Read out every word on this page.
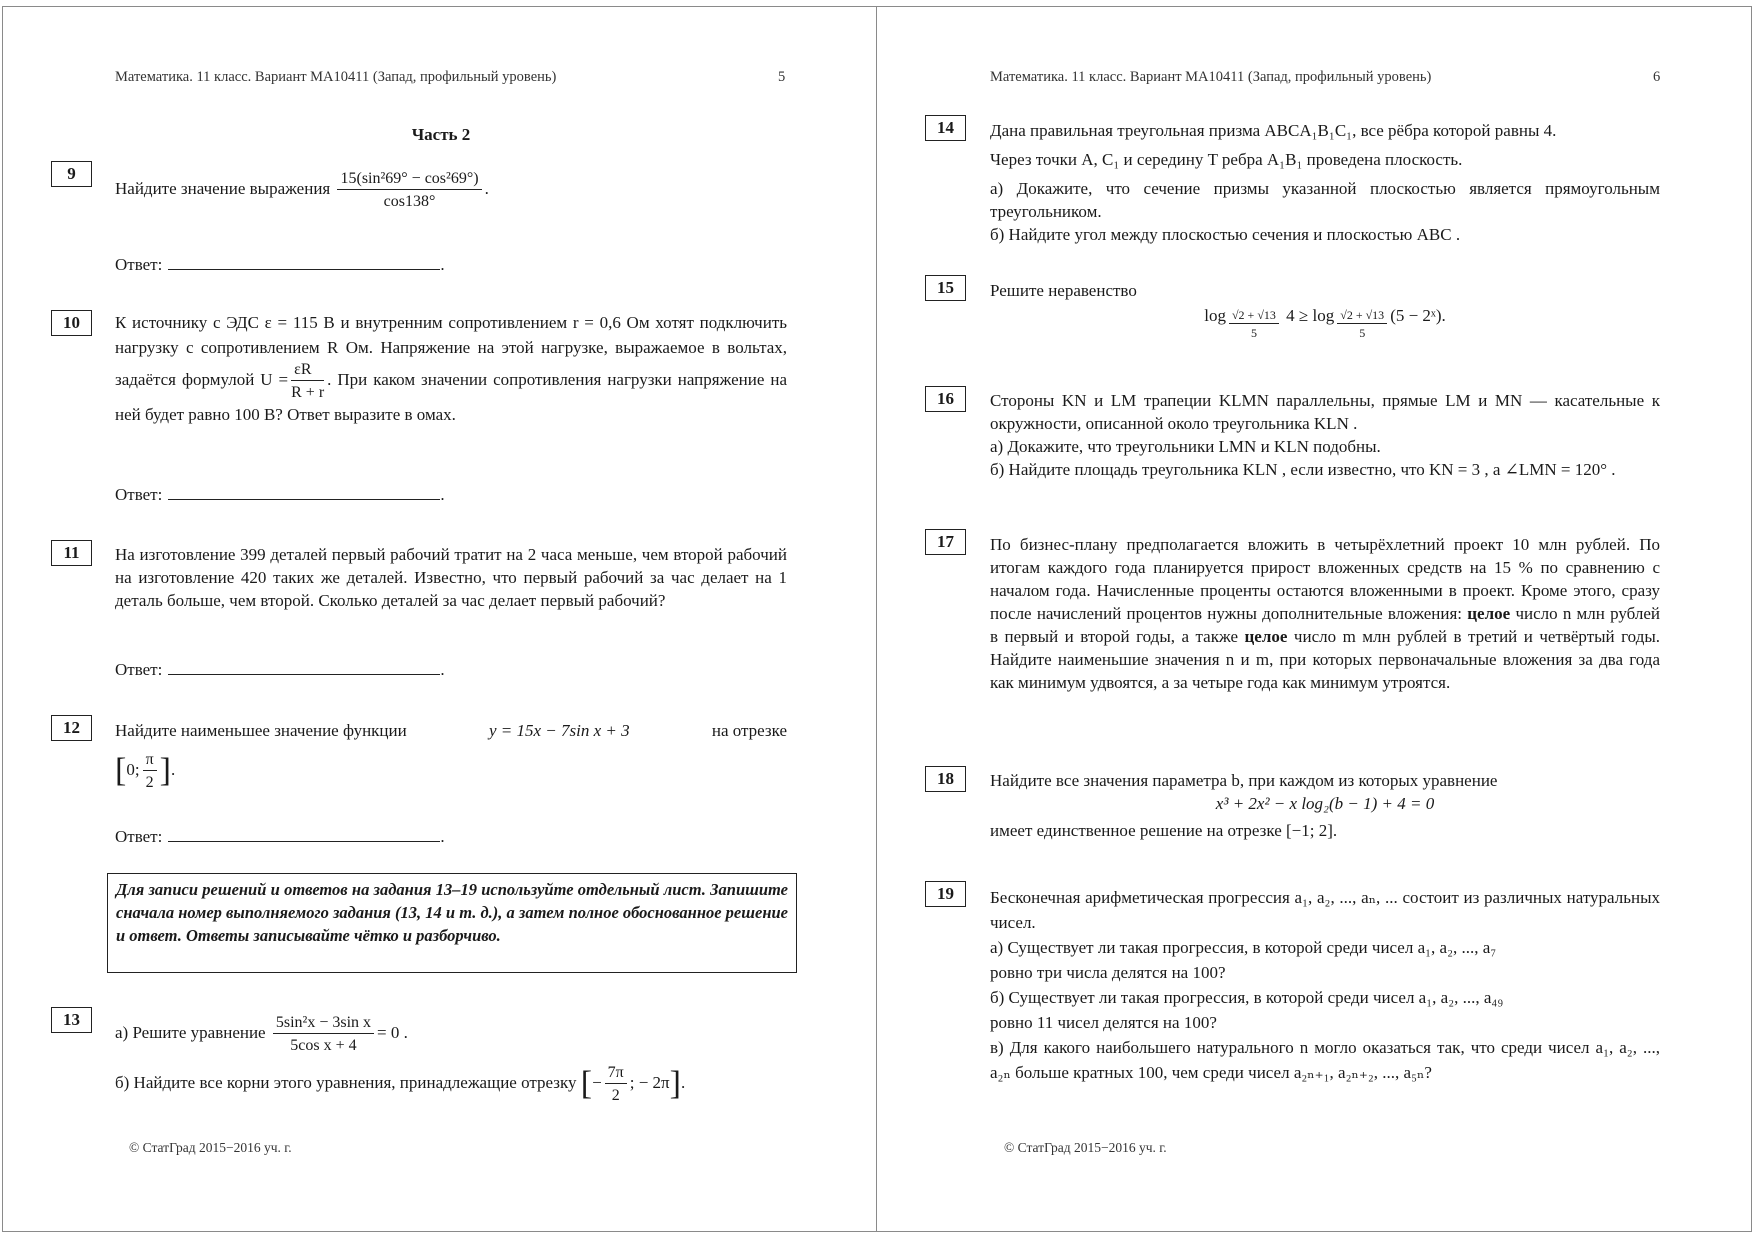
Математика. 11 класс. Вариант МА10411 (Запад, профильный уровень)	5
Часть 2
9
Найдите значение выражения $\frac{\text{15(sin²69° − cos²69°)}}{\cos 138^\circ}$ .
Ответ:	.
10	К источнику с ЭДС ε = 115 В и внутренним сопротивлением r = 0,6 Ом хотят подключить нагрузку с сопротивлением R Ом. Напряжение на этой нагрузке, выражаемое в вольтах, задаётся формулой $U = \frac{\varepsilon R}{R + r}$ . При каком значении сопротивления нагрузки напряжение на ней будет равно 100 В? Ответ выразите в омах.
Ответ:	.
11	На изготовление 399 деталей первый рабочий тратит на 2 часа меньше, чем второй рабочий на изготовление 420 таких же деталей. Известно, что первый рабочий за час делает на 1 деталь больше, чем второй. Сколько деталей за час делает первый рабочий?
Ответ:	.
12	Найдите наименьшее значение функции	y = 15x − 7sin x + 3	на отрезке
[0; $\frac{\pi}{2}$ ].
Ответ:	.
Для записи решений и ответов на задания 13–19 используйте отдельный лист. Запишите сначала номер выполняемого задания (13, 14 и т. д.), а затем полное обоснованное решение и ответ. Ответы записывайте чётко и разборчиво.
13
а) Решите уравнение $\frac{\text{5sin²x − 3sin x}}{\text{5cos x + 4}} = 0$ .
б) Найдите все корни этого уравнения, принадлежащие отрезку [− $\frac{7\pi}{2}$ ; − 2π].
© СтатГрад 2015−2016 уч. г.
Математика. 11 класс. Вариант МА10411 (Запад, профильный уровень)	6
14	Дана правильная треугольная призма ABCA₁B₁C₁, все рёбра которой равны 4.
Через точки A, C₁ и середину T ребра A₁B₁ проведена плоскость.
а) Докажите, что сечение призмы указанной плоскостью является прямоугольным треугольником.
б) Найдите угол между плоскостью сечения и плоскостью ABC .
15	Решите неравенство
$\log \frac{√2 + √13}{5} 4 \ge \log \frac{√2 + √13}{5} (5$ − 2ˣ).
16	Стороны KN и LM трапеции KLMN параллельны, прямые LM и MN — касательные к окружности, описанной около треугольника KLN .
а) Докажите, что треугольники LMN и KLN подобны.
б) Найдите площадь треугольника KLN , если известно, что KN = 3 , а ∠LMN = 120° .
17	По бизнес-плану предполагается вложить в четырёхлетний проект 10 млн рублей. По итогам каждого года планируется прирост вложенных средств на 15 % по сравнению с началом года. Начисленные проценты остаются вложенными в проект. Кроме этого, сразу после начислений процентов нужны дополнительные вложения: целое число n млн рублей в первый и второй годы, а также целое число m млн рублей в третий и четвёртый годы. Найдите наименьшие значения n и m, при которых первоначальные вложения за два года как минимум удвоятся, а за четыре года как минимум утроятся.
18	Найдите все значения параметра b, при каждом из которых уравнение
x³ + 2x² − x log₂(b − 1) + 4 = 0
имеет единственное решение на отрезке [−1; 2].
19	Бесконечная арифметическая прогрессия a₁, a₂, ..., aₙ, ... состоит из различных натуральных чисел.
а) Существует ли такая прогрессия, в которой среди чисел a₁, a₂, ..., a₇
ровно три числа делятся на 100?
б) Существует ли такая прогрессия, в которой среди чисел a₁, a₂, ..., a₄₉
ровно 11 чисел делятся на 100?
в) Для какого наибольшего натурального n могло оказаться так, что среди чисел a₁, a₂, ..., a₂ₙ больше кратных 100, чем среди чисел a₂ₙ₊₁, a₂ₙ₊₂, ..., a₅ₙ?
© СтатГрад 2015−2016 уч. г.
